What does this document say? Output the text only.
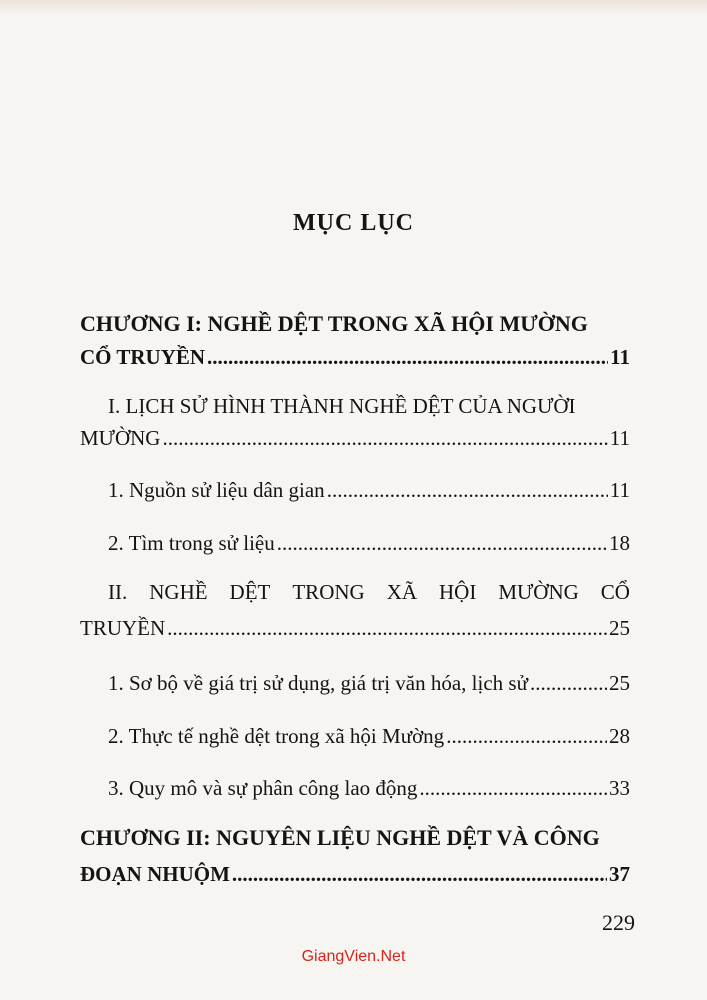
MỤC LỤC
CHƯƠNG I: NGHỀ DỆT TRONG XÃ HỘI MƯỜNG
CỔ TRUYỀN .....	11
I. LỊCH SỬ HÌNH THÀNH NGHỀ DỆT CỦA NGƯỜI
MƯỜNG .....	11
1. Nguồn sử liệu dân gian .....	11
2. Tìm trong sử liệu .....	18
II. NGHỀ DỆT TRONG XÃ HỘI MƯỜNG CỔ
TRUYỀN .....	25
1. Sơ bộ về giá trị sử dụng, giá trị văn hóa, lịch sử .....	25
2. Thực tế nghề dệt trong xã hội Mường .....	28
3. Quy mô và sự phân công lao động .....	33
CHƯƠNG II: NGUYÊN LIỆU NGHỀ DỆT VÀ CÔNG
ĐOẠN NHUỘM .....	37
229
GiangVien.Net
